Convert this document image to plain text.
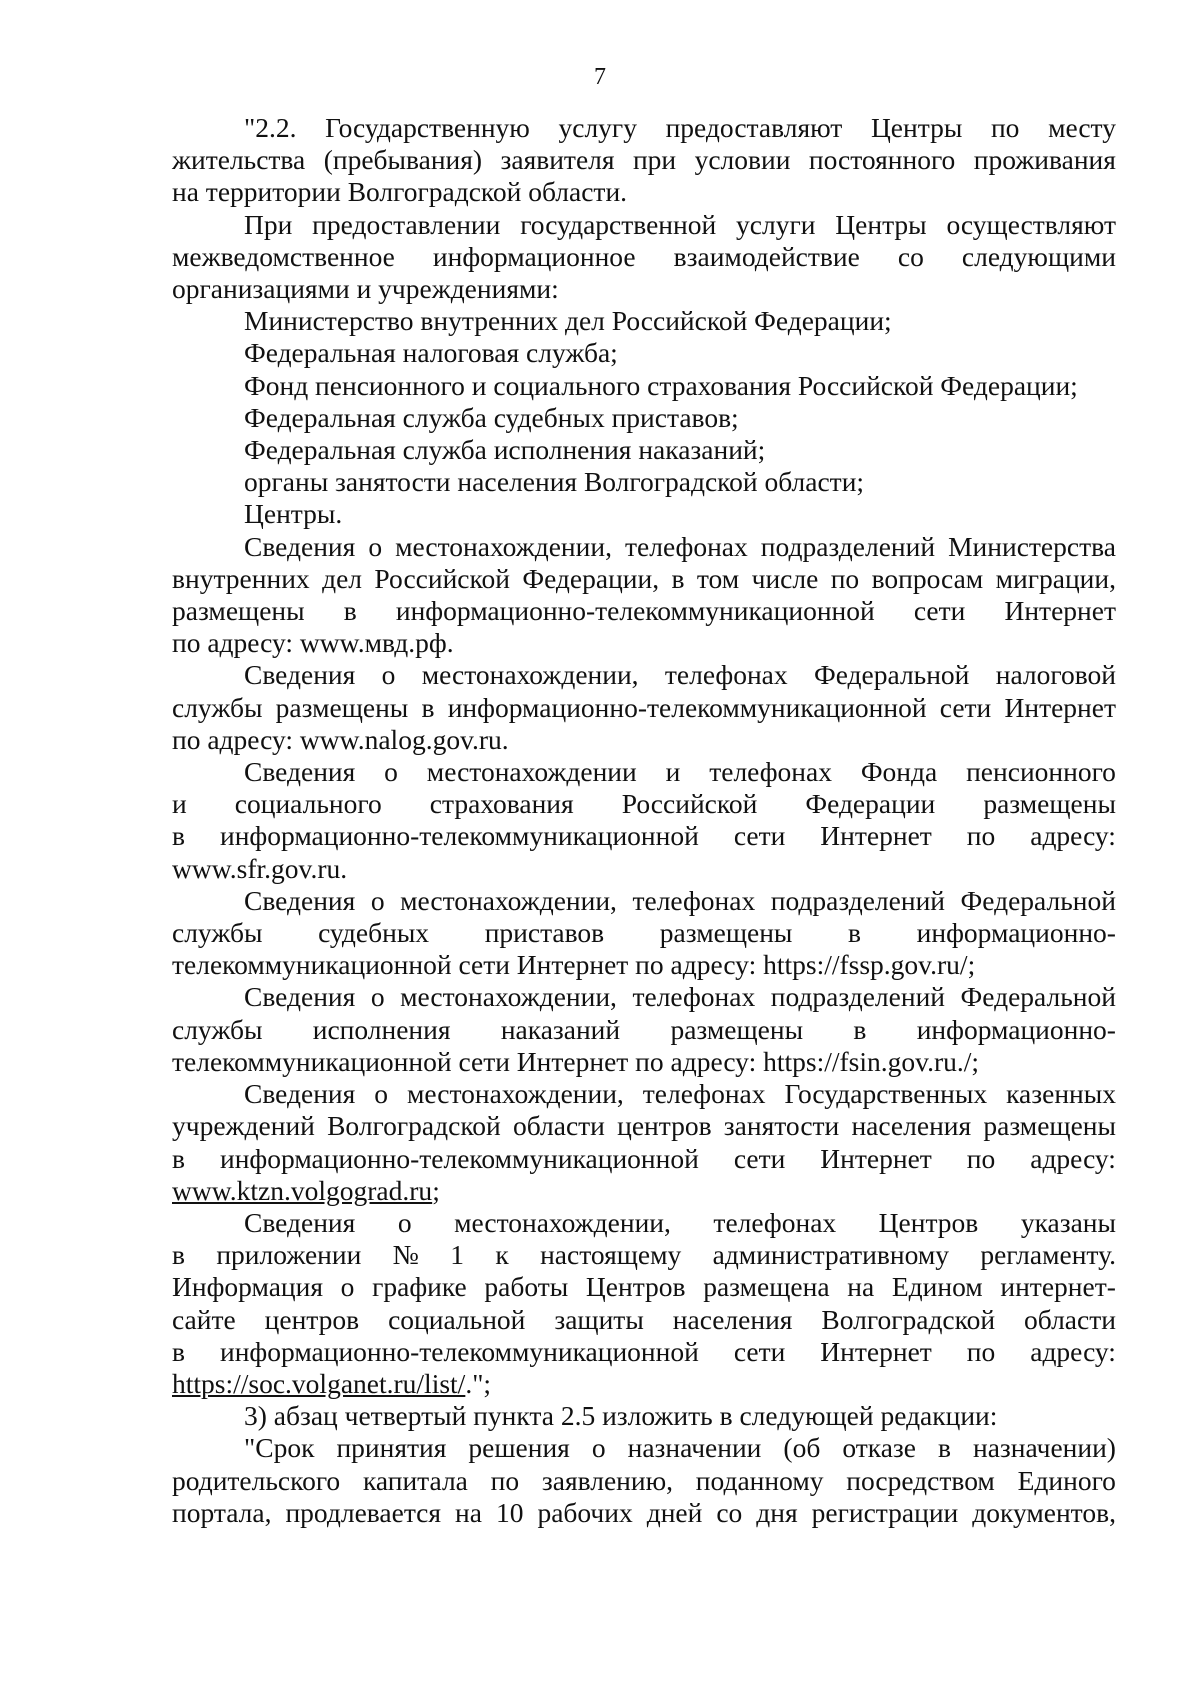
7
"2.2. Государственную услугу предоставляют Центры по месту
жительства (пребывания) заявителя при условии постоянного проживания
на территории Волгоградской области.
При предоставлении государственной услуги Центры осуществляют
межведомственное информационное взаимодействие со следующими
организациями и учреждениями:
Министерство внутренних дел Российской Федерации;
Федеральная налоговая служба;
Фонд пенсионного и социального страхования Российской Федерации;
Федеральная служба судебных приставов;
Федеральная служба исполнения наказаний;
органы занятости населения Волгоградской области;
Центры.
Сведения о местонахождении, телефонах подразделений Министерства
внутренних дел Российской Федерации, в том числе по вопросам миграции,
размещены в информационно-телекоммуникационной сети Интернет
по адресу: www.мвд.рф.
Сведения о местонахождении, телефонах Федеральной налоговой
службы размещены в информационно-телекоммуникационной сети Интернет
по адресу: www.nalog.gov.ru.
Сведения о местонахождении и телефонах Фонда пенсионного
и социального страхования Российской Федерации размещены
в информационно-телекоммуникационной сети Интернет по адресу:
www.sfr.gov.ru.
Сведения о местонахождении, телефонах подразделений Федеральной
службы судебных приставов размещены в информационно-
телекоммуникационной сети Интернет по адресу: https://fssp.gov.ru/;
Сведения о местонахождении, телефонах подразделений Федеральной
службы исполнения наказаний размещены в информационно-
телекоммуникационной сети Интернет по адресу: https://fsin.gov.ru./;
Сведения о местонахождении, телефонах Государственных казенных
учреждений Волгоградской области центров занятости населения размещены
в информационно-телекоммуникационной сети Интернет по адресу:
www.ktzn.volgograd.ru;
Сведения о местонахождении, телефонах Центров указаны
в приложении № 1 к настоящему административному регламенту.
Информация о графике работы Центров размещена на Едином интернет-
сайте центров социальной защиты населения Волгоградской области
в информационно-телекоммуникационной сети Интернет по адресу:
https://soc.volganet.ru/list/.";
3) абзац четвертый пункта 2.5 изложить в следующей редакции:
"Срок принятия решения о назначении (об отказе в назначении)
родительского капитала по заявлению, поданному посредством Единого
портала, продлевается на 10 рабочих дней со дня регистрации документов,
